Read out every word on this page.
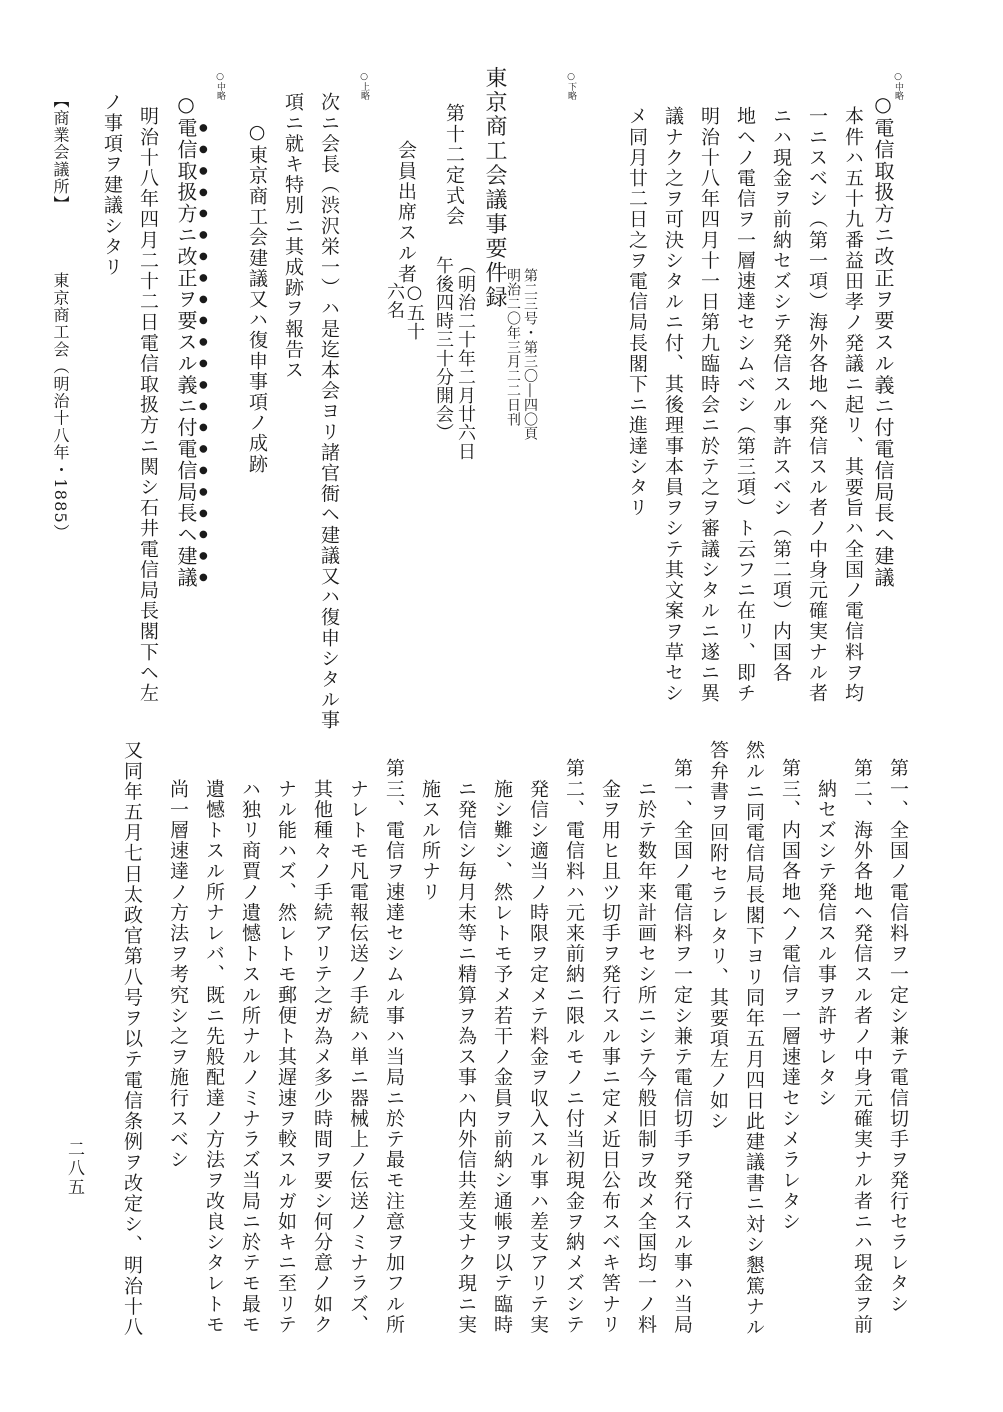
○中略
○電信取扱方ニ改正ヲ要スル義ニ付電信局長ヘ建議
本件ハ五十九番益田孝ノ発議ニ起リ、其要旨ハ全国ノ電信料ヲ均
一ニスベシ（第一項）海外各地ヘ発信スル者ノ中身元確実ナル者
ニハ現金ヲ前納セズシテ発信スル事許スベシ（第二項）内国各
地ヘノ電信ヲ一層速達セシムベシ（第三項）ト云フニ在リ、即チ
明治十八年四月十一日第九臨時会ニ於テ之ヲ審議シタルニ遂ニ異
議ナク之ヲ可決シタルニ付、其後理事本員ヲシテ其文案ヲ草セシ
メ同月廿二日之ヲ電信局長閣下ニ進達シタリ
○下略
東京商工会議事要件録
第二三号・第三〇―四〇頁
明治二〇年三月二二日刊
第十二定式会
（明治二十年二月廿六日
午後四時三十分開会）
会員出席スル者
○五十
六名
○上略
次ニ会長（渋沢栄一）ハ是迄本会ヨリ諸官衙ヘ建議又ハ復申シタル事
項ニ就キ特別ニ其成跡ヲ報告ス
○東京商工会建議又ハ復申事項ノ成跡
○中略
○電信取扱方ニ改正ヲ要スル義ニ付電信局長ヘ建議
明治十八年四月二十二日電信取扱方ニ関シ石井電信局長閣下ヘ左
ノ事項ヲ建議シタリ
【商業会議所】
東京商工会（明治十八年・1885）
第一、全国ノ電信料ヲ一定シ兼テ電信切手ヲ発行セラレタシ
第二、海外各地ヘ発信スル者ノ中身元確実ナル者ニハ現金ヲ前
　納セズシテ発信スル事ヲ許サレタシ
第三、内国各地ヘノ電信ヲ一層速達セシメラレタシ
然ルニ同電信局長閣下ヨリ同年五月四日此建議書ニ対シ懇篤ナル
答弁書ヲ回附セラレタリ、其要項左ノ如シ
第一、全国ノ電信料ヲ一定シ兼テ電信切手ヲ発行スル事ハ当局
　ニ於テ数年来計画セシ所ニシテ今般旧制ヲ改メ全国均一ノ料
　金ヲ用ヒ且ツ切手ヲ発行スル事ニ定メ近日公布スベキ筈ナリ
第二、電信料ハ元来前納ニ限ルモノニ付当初現金ヲ納メズシテ
　発信シ適当ノ時限ヲ定メテ料金ヲ収入スル事ハ差支アリテ実
　施シ難シ、然レトモ予メ若干ノ金員ヲ前納シ通帳ヲ以テ臨時
　ニ発信シ毎月末等ニ精算ヲ為ス事ハ内外信共差支ナク現ニ実
　施スル所ナリ
第三、電信ヲ速達セシムル事ハ当局ニ於テ最モ注意ヲ加フル所
　ナレトモ凡電報伝送ノ手続ハ単ニ器械上ノ伝送ノミナラズ、
　其他種々ノ手続アリテ之ガ為メ多少時間ヲ要シ何分意ノ如ク
　ナル能ハズ、然レトモ郵便ト其遅速ヲ較スルガ如キニ至リテ
　ハ独リ商賈ノ遺憾トスル所ナルノミナラズ当局ニ於テモ最モ
　遺憾トスル所ナレバ、既ニ先般配達ノ方法ヲ改良シタレトモ
　尚一層速達ノ方法ヲ考究シ之ヲ施行スベシ
又同年五月七日太政官第八号ヲ以テ電信条例ヲ改定シ、明治十八
二八五
